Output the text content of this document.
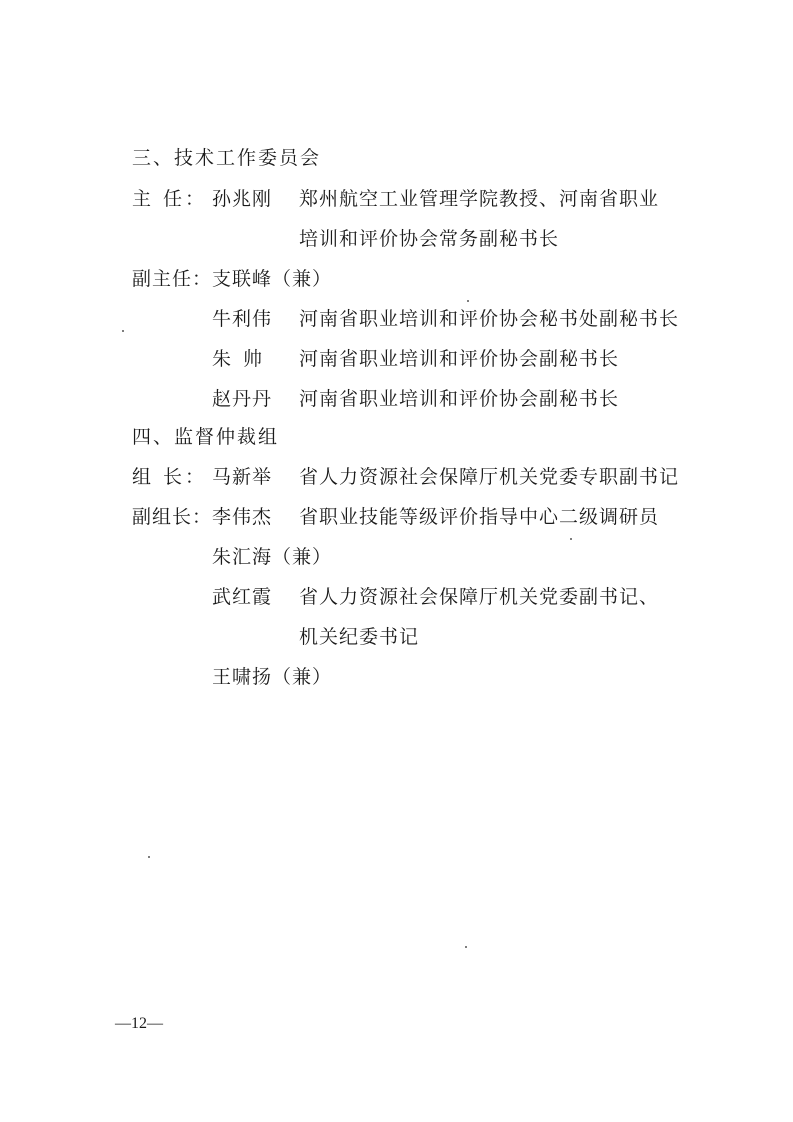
三、技术工作委员会
主 任： 孙兆刚 郑州航空工业管理学院教授、河南省职业
培训和评价协会常务副秘书长
副主任： 支联峰（兼）
牛利伟 河南省职业培训和评价协会秘书处副秘书长
朱 帅 河南省职业培训和评价协会副秘书长
赵丹丹 河南省职业培训和评价协会副秘书长
四、监督仲裁组
组 长： 马新举 省人力资源社会保障厅机关党委专职副书记
副组长： 李伟杰 省职业技能等级评价指导中心二级调研员
朱汇海（兼）
武红霞 省人力资源社会保障厅机关党委副书记、
机关纪委书记
王啸扬（兼）
—12—
